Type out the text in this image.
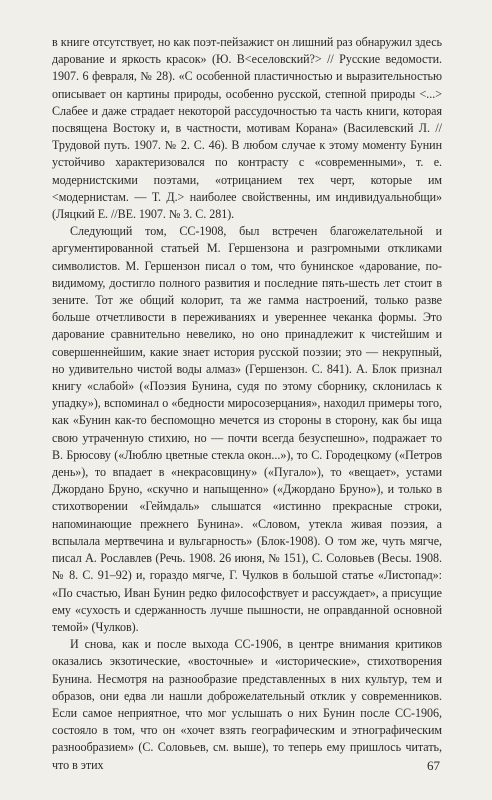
в книге отсутствует, но как поэт-пейзажист он лишний раз обнаружил здесь дарование и яркость красок» (Ю. В<еселовский?> // Русские ведомости. 1907. 6 февраля, № 28). «С особенной пластичностью и выразительностью описывает он картины природы, особенно русской, степной природы <...> Слабее и даже страдает некоторой рассудочностью та часть книги, которая посвящена Востоку и, в частности, мотивам Корана» (Василевский Л. // Трудовой путь. 1907. № 2. С. 46). В любом случае к этому моменту Бунин устойчиво характеризовался по контрасту с «современными», т. е. модернистскими поэтами, «отрицанием тех черт, которые им <модернистам. — Т. Д.> наиболее свойственны, им индивидуальнобщи» (Ляцкий Е. //ВЕ. 1907. № 3. С. 281).

Следующий том, СС-1908, был встречен благожелательной и аргументированной статьей М. Гершензона и разгромными откликами символистов. М. Гершензон писал о том, что бунинское «дарование, по-видимому, достигло полного развития и последние пять-шесть лет стоит в зените. Тот же общий колорит, та же гамма настроений, только разве больше отчетливости в переживаниях и увереннее чеканка формы. Это дарование сравнительно невелико, но оно принадлежит к чистейшим и совершеннейшим, какие знает история русской поэзии; это — некрупный, но удивительно чистой воды алмаз» (Гершензон. С. 841). А. Блок признал книгу «слабой» («Поэзия Бунина, судя по этому сборнику, склонилась к упадку»), вспоминал о «бедности миросозерцания», находил примеры того, как «Бунин как-то беспомощно мечется из стороны в сторону, как бы ища свою утраченную стихию, но — почти всегда безуспешно», подражает то В. Брюсову («Люблю цветные стекла окон...»), то С. Городецкому («Петров день»), то впадает в «некрасовщину» («Пугало»), то «вещает», устами Джордано Бруно, «скучно и напыщенно» («Джордано Бруно»), и только в стихотворении «Геймдаль» слышатся «истинно прекрасные строки, напоминающие прежнего Бунина». «Словом, утекла живая поэзия, а вспылала мертвечина и вульгарность» (Блок-1908). О том же, чуть мягче, писал А. Рославлев (Речь. 1908. 26 июня, № 151), С. Соловьев (Весы. 1908. № 8. С. 91–92) и, гораздо мягче, Г. Чулков в большой статье «Листопад»: «По счастью, Иван Бунин редко философствует и рассуждает», а присущие ему «сухость и сдержанность лучше пышности, не оправданной основной темой» (Чулков).

И снова, как и после выхода СС-1906, в центре внимания критиков оказались экзотические, «восточные» и «исторические», стихотворения Бунина. Несмотря на разнообразие представленных в них культур, тем и образов, они едва ли нашли доброжелательный отклик у современников. Если самое неприятное, что мог услышать о них Бунин после СС-1906, состояло в том, что он «хочет взять географическим и этнографическим разнообразием» (С. Соловьев, см. выше), то теперь ему пришлось читать, что в этих	67
